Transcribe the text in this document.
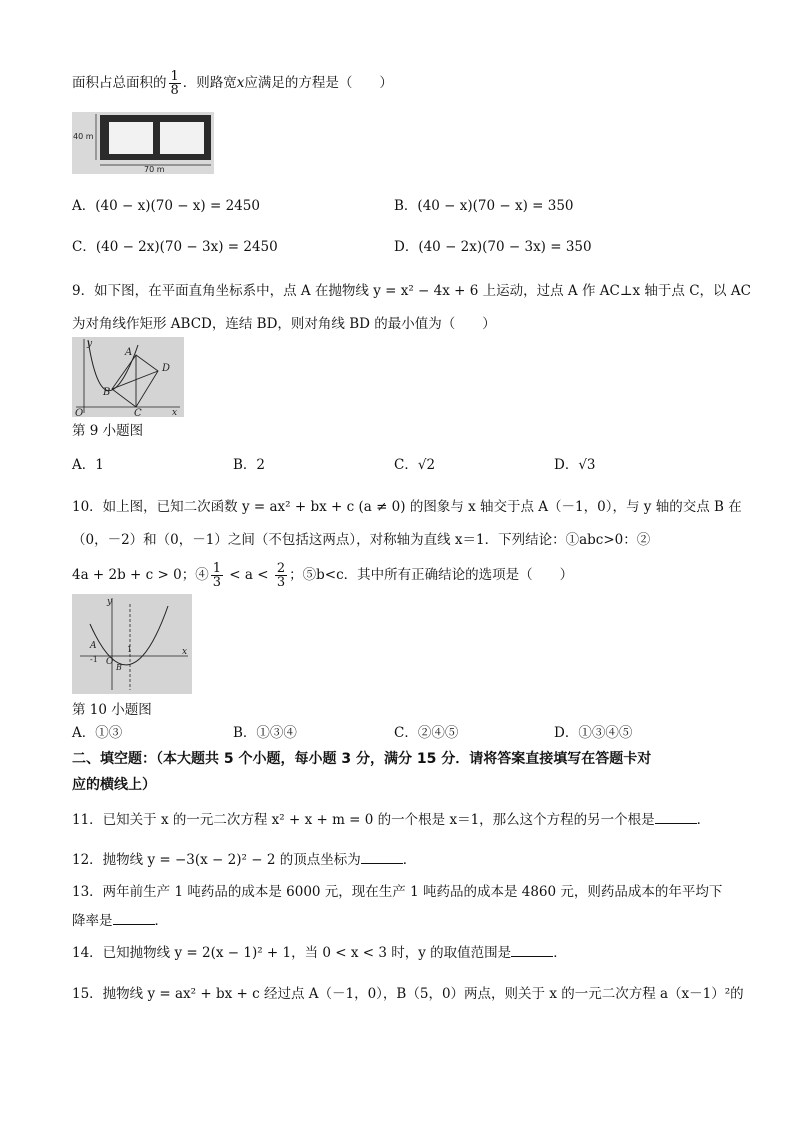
面积占总面积的 $\frac{1}{8}$ ．则路宽x应满足的方程是（　　）
40 m
70 m
A．(40 − x)(70 − x) = 2450	B．(40 − x)(70 − x) = 350
C．(40 − 2x)(70 − 3x) = 2450	D．(40 − 2x)(70 − 3x) = 350
9．如下图，在平面直角坐标系中，点 A 在抛物线 y = x² − 4x + 6 上运动，过点 A 作 AC⊥x 轴于点 C，以 AC
为对角线作矩形 ABCD，连结 BD，则对角线 BD 的最小值为（　　）
y
A
B
C
D
O	x
第 9 小题图
A．1	B．2	C．√2	D．√3
10．如上图，已知二次函数 y = ax² + bx + c (a ≠ 0) 的图象与 x 轴交于点 A（－1，0），与 y 轴的交点 B 在
（0，－2）和（0，－1）之间（不包括这两点），对称轴为直线 x＝1．下列结论：①abc>0：②
4a + 2b + c > 0；④ $\frac{1}{3} < a < \frac{2}{3}$ ；⑤b<c．其中所有正确结论的选项是（　　）
y
x
A
-1 O
B
1
第 10 小题图
A．①③	B．①③④	C．②④⑤	D．①③④⑤
二、填空题：（本大题共 5 个小题，每小题 3 分，满分 15 分．请将答案直接填写在答题卡对
应的横线上）
11．已知关于 x 的一元二次方程 x² + x + m = 0 的一个根是 x＝1，那么这个方程的另一个根是	．
12．抛物线 y = −3(x − 2)² − 2 的顶点坐标为	．
13．两年前生产 1 吨药品的成本是 6000 元，现在生产 1 吨药品的成本是 4860 元，则药品成本的年平均下
降率是	．
14．已知抛物线 y = 2(x − 1)² + 1，当 0 < x < 3 时，y 的取值范围是	．
15．抛物线 y = ax² + bx + c 经过点 A（－1，0），B（5，0）两点，则关于 x 的一元二次方程 a（x－1）²的
